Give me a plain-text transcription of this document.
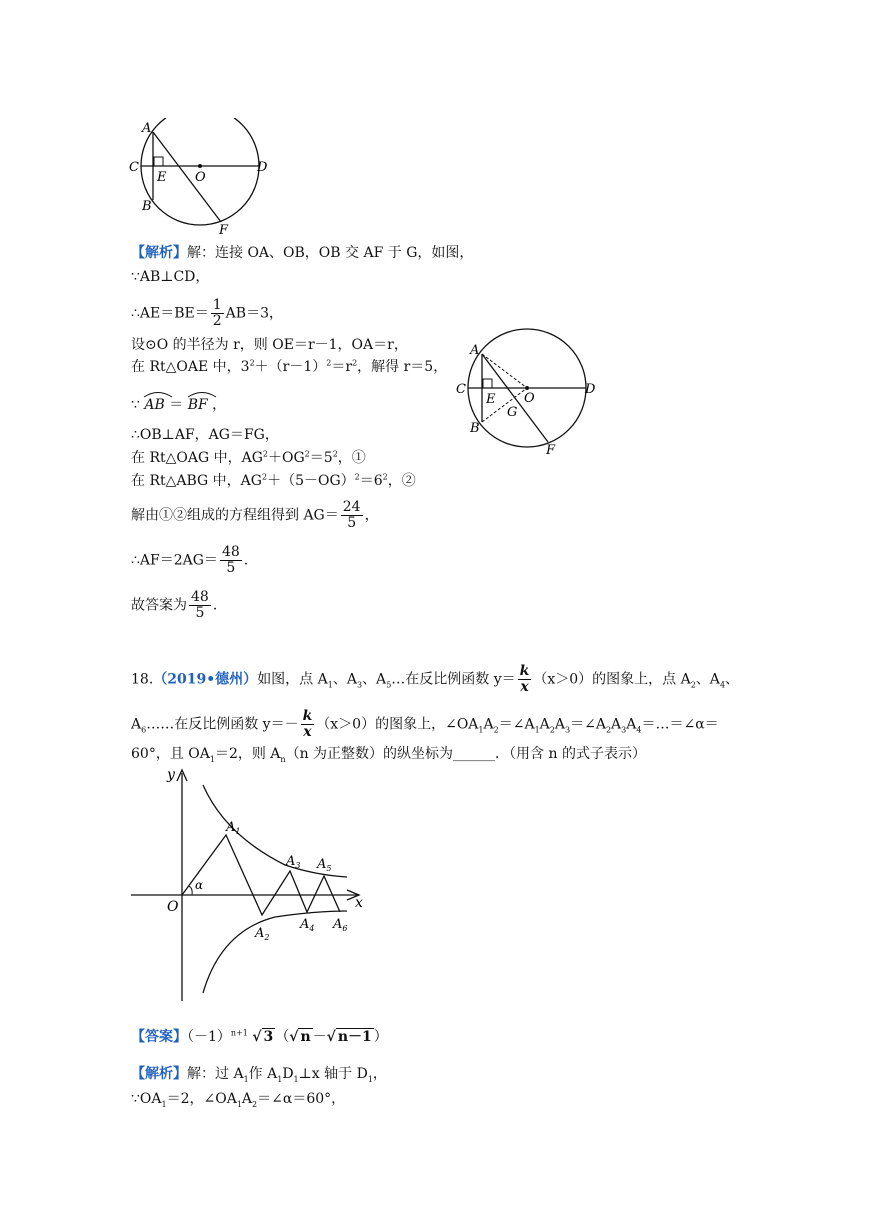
A
C	D
E O
B
F
【解析】解：连接 OA、OB，OB 交 AF 于 G，如图，
∵AB⊥CD，
∴AE＝BE＝ $\frac{1}{2} AB=3$，
设⊙O 的半径为 r，则 OE＝r－1，OA＝r，
在 Rt△OAE 中，$3^2+(r-1)^2=r^2$，解得 r＝5，
∵ AB ＝ BF ，
∴OB⊥AF，AG＝FG，
在 Rt△OAG 中，$AG^2+OG^2=5^2$，①
在 Rt△ABG 中，$AG^2+(5-OG)^2=6^2$，②
解由①②组成的方程组得到 $AG= \frac{24}{5}$ ，
∴AF＝2AG＝ $\frac{48}{5}$ .
故答案为 $\frac{48}{5}$ .
A
C	D
E O
G
B
F
18.（2019•德州）如图，点 $A_1$、$A_3$、$A_5\dots$在反比例函数 $y= \frac{k}{x} (x>0)$的图象上，点 $A_2$、$A_4$、
$A_6\dots\dots$在反比例函数 $y=- \frac{k}{x} (x>0)$的图象上，$\angle OA_1A_2=\angle A_1A_2A_3=\angle A_2A_3A_4=\dots=\angle\alpha=$
60°，且 $OA_1=2$，则 $A_n(n$ 为正整数）的纵坐标为______．（用含 n 的式子表示）
y
x
O
α
$A_1$
$A_2$
$A_3$
$A_4$
$A_5$
$A_6$
【答案】$(-1)^{n+1}$ √ 3 （√ n －√ n－1 ）
【解析】解：过 $A_1$作 $A_1D_1\perp x$ 轴于 $D_1$，
$\because OA_1=2$，$\angle OA_1A_2=\angle\alpha=60^\circ$，
